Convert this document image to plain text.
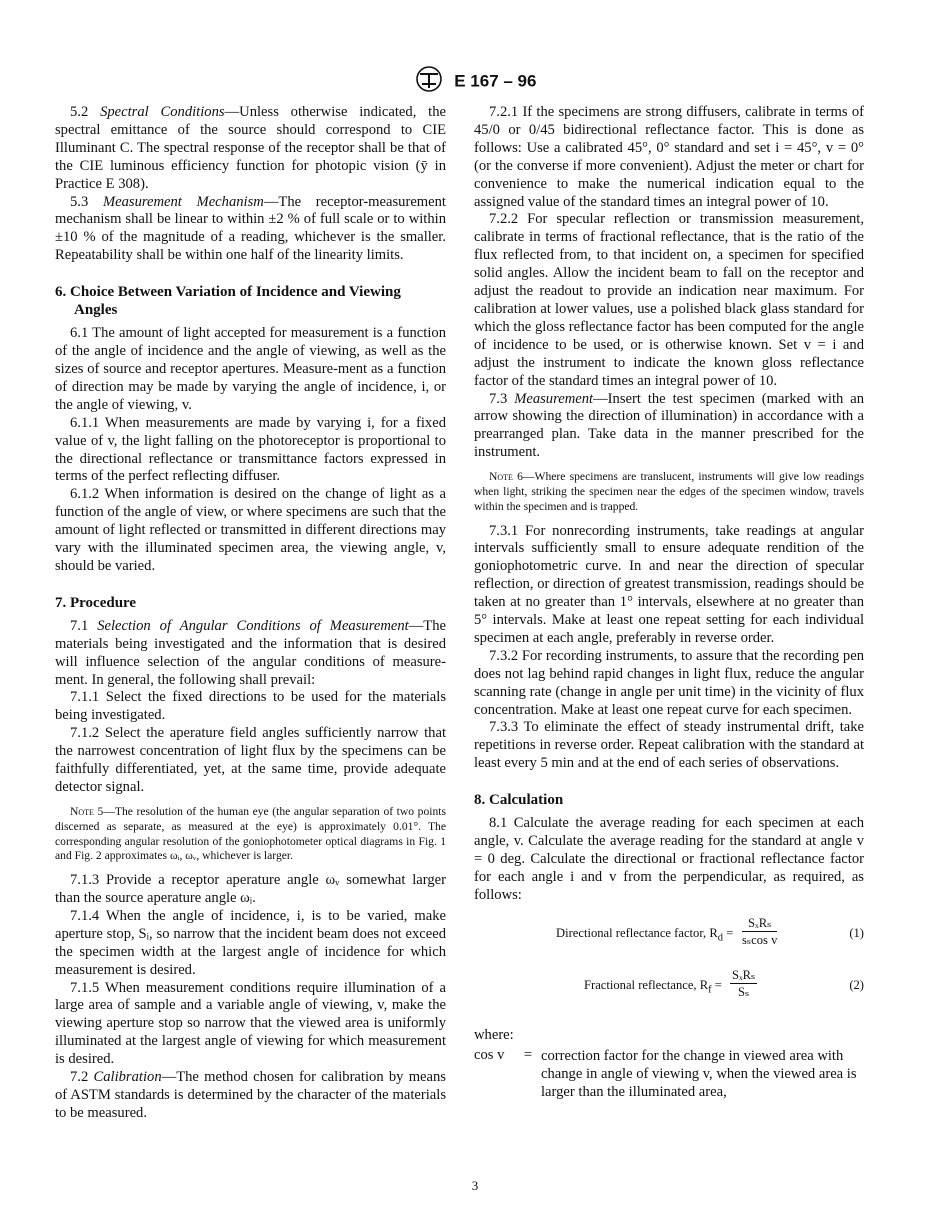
E 167 – 96

5.2 Spectral Conditions—Unless otherwise indicated, the spectral emittance of the source should correspond to CIE Illuminant C. The spectral response of the receptor shall be that of the CIE luminous efficiency function for photopic vision (ȳ in Practice E 308).

5.3 Measurement Mechanism—The receptor-measurement mechanism shall be linear to within ±2 % of full scale or to within ±10 % of the magnitude of a reading, whichever is the smaller. Repeatability shall be within one half of the linearity limits.

6. Choice Between Variation of Incidence and Viewing Angles

6.1 The amount of light accepted for measurement is a function of the angle of incidence and the angle of viewing, as well as the sizes of source and receptor apertures. Measure-ment as a function of direction may be made by varying the angle of incidence, i, or the angle of viewing, v.

6.1.1 When measurements are made by varying i, for a fixed value of v, the light falling on the photoreceptor is proportional to the directional reflectance or transmittance factors expressed in terms of the perfect reflecting diffuser.

6.1.2 When information is desired on the change of light as a function of the angle of view, or where specimens are such that the amount of light reflected or transmitted in different directions may vary with the illuminated specimen area, the viewing angle, v, should be varied.

7. Procedure

7.1 Selection of Angular Conditions of Measurement—The materials being investigated and the information that is desired will influence selection of the angular conditions of measure-ment. In general, the following shall prevail:

7.1.1 Select the fixed directions to be used for the materials being investigated.

7.1.2 Select the aperature field angles sufficiently narrow that the narrowest concentration of light flux by the specimens can be faithfully differentiated, yet, at the same time, provide adequate detector signal.

Note 5—The resolution of the human eye (the angular separation of two points discerned as separate, as measured at the eye) is approximately 0.01°. The corresponding angular resolution of the goniophotometer optical diagrams in Fig. 1 and Fig. 2 approximates ωᵢ, ωᵥ, whichever is larger.

7.1.3 Provide a receptor aperature angle ωᵥ somewhat larger than the source aperature angle ωᵢ.

7.1.4 When the angle of incidence, i, is to be varied, make aperture stop, Sᵢ, so narrow that the incident beam does not exceed the specimen width at the largest angle of incidence for which measurement is desired.

7.1.5 When measurement conditions require illumination of a large area of sample and a variable angle of viewing, v, make the viewing aperture stop so narrow that the viewed area is uniformly illuminated at the largest angle of viewing for which measurement is desired.

7.2 Calibration—The method chosen for calibration by means of ASTM standards is determined by the character of the materials to be measured.

7.2.1 If the specimens are strong diffusers, calibrate in terms of 45/0 or 0/45 bidirectional reflectance factor. This is done as follows: Use a calibrated 45°, 0° standard and set i = 45°, v = 0° (or the converse if more convenient). Adjust the meter or chart for convenience to make the numerical indication equal to the assigned value of the standard times an integral power of 10.

7.2.2 For specular reflection or transmission measurement, calibrate in terms of fractional reflectance, that is the ratio of the flux reflected from, to that incident on, a specimen for specified solid angles. Allow the incident beam to fall on the receptor and adjust the readout to provide an indication near maximum. For calibration at lower values, use a polished black glass standard for which the gloss reflectance factor has been computed for the angle of incidence to be used, or is otherwise known. Set v = i and adjust the instrument to indicate the known gloss reflectance factor of the standard times an integral power of 10.

7.3 Measurement—Insert the test specimen (marked with an arrow showing the direction of illumination) in accordance with a prearranged plan. Take data in the manner prescribed for the instrument.

Note 6—Where specimens are translucent, instruments will give low readings when light, striking the specimen near the edges of the specimen window, travels within the specimen and is trapped.

7.3.1 For nonrecording instruments, take readings at angular intervals sufficiently small to ensure adequate rendition of the goniophotometric curve. In and near the direction of specular reflection, or direction of greatest transmission, readings should be taken at no greater than 1° intervals, elsewhere at no greater than 5° intervals. Make at least one repeat setting for each individual specimen at each angle, preferably in reverse order.

7.3.2 For recording instruments, to assure that the recording pen does not lag behind rapid changes in light flux, reduce the angular scanning rate (change in angle per unit time) in the vicinity of flux concentration. Make at least one repeat curve for each specimen.

7.3.3 To eliminate the effect of steady instrumental drift, take repetitions in reverse order. Repeat calibration with the standard at least every 5 min and at the end of each series of observations.

8. Calculation

8.1 Calculate the average reading for each specimen at each angle, v. Calculate the average reading for the standard at angle v = 0 deg. Calculate the directional or fractional reflectance factor for each angle i and v from the perpendicular, as required, as follows:

Directional reflectance factor, $R_d$ =
SₓRₛ
sₛcos v	(1)
Fractional reflectance, $R_f$ =
SₓRₛ
Sₛ	(2)
where:
cos v	= correction factor for the change in viewed area with change in angle of viewing v, when the viewed area is larger than the illuminated area,
3
